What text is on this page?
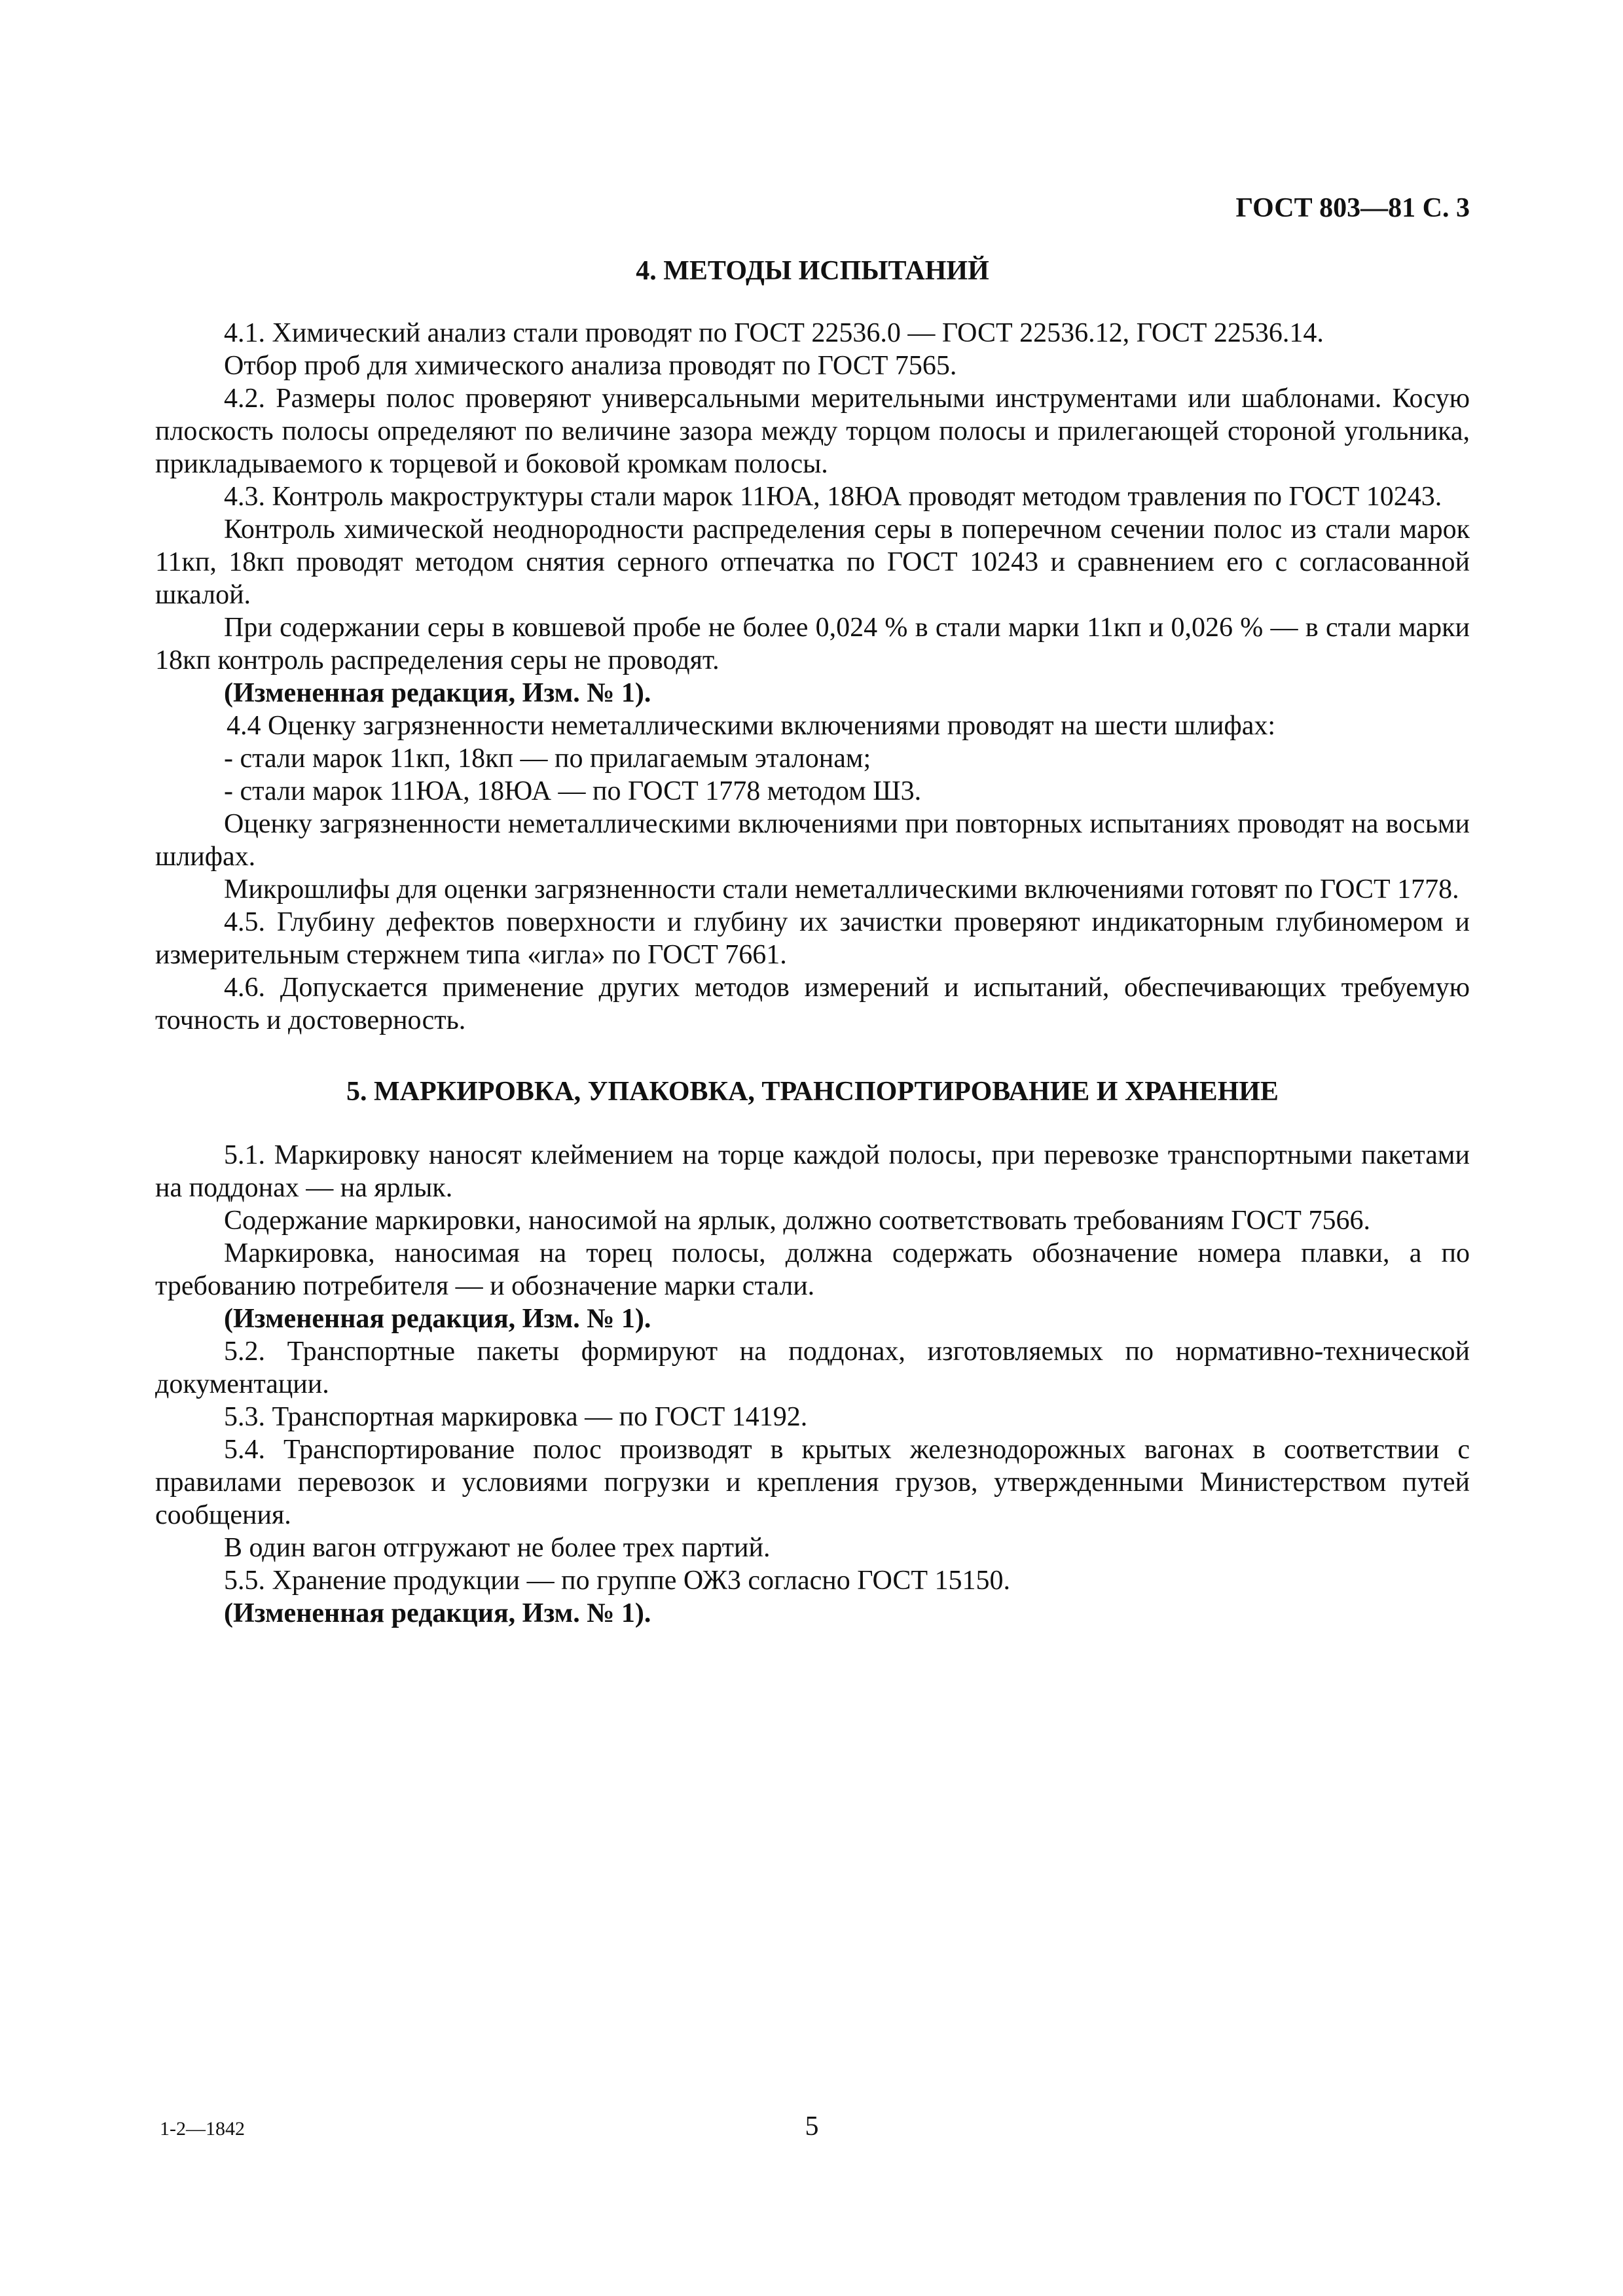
ГОСТ 803—81 С. 3

4. МЕТОДЫ ИСПЫТАНИЙ

4.1. Химический анализ стали проводят по ГОСТ 22536.0 — ГОСТ 22536.12, ГОСТ 22536.14.

Отбор проб для химического анализа проводят по ГОСТ 7565.

4.2. Размеры полос проверяют универсальными мерительными инструментами или шаблонами. Косую плоскость полосы определяют по величине зазора между торцом полосы и прилегающей стороной угольника, прикладываемого к торцевой и боковой кромкам полосы.

4.3. Контроль макроструктуры стали марок 11ЮА, 18ЮА проводят методом травления по ГОСТ 10243.

Контроль химической неоднородности распределения серы в поперечном сечении полос из стали марок 11кп, 18кп проводят методом снятия серного отпечатка по ГОСТ 10243 и сравнением его с согласованной шкалой.

При содержании серы в ковшевой пробе не более 0,024 % в стали марки 11кп и 0,026 % — в стали марки 18кп контроль распределения серы не проводят.

(Измененная редакция, Изм. № 1).

4.4 Оценку загрязненности неметаллическими включениями проводят на шести шлифах:

- стали марок 11кп, 18кп — по прилагаемым эталонам;

- стали марок 11ЮА, 18ЮА — по ГОСТ 1778 методом Ш3.

Оценку загрязненности неметаллическими включениями при повторных испытаниях проводят на восьми шлифах.

Микрошлифы для оценки загрязненности стали неметаллическими включениями готовят по ГОСТ 1778.

4.5. Глубину дефектов поверхности и глубину их зачистки проверяют индикаторным глубиномером и измерительным стержнем типа «игла» по ГОСТ 7661.

4.6. Допускается применение других методов измерений и испытаний, обеспечивающих требуемую точность и достоверность.

5. МАРКИРОВКА, УПАКОВКА, ТРАНСПОРТИРОВАНИЕ И ХРАНЕНИЕ

5.1. Маркировку наносят клеймением на торце каждой полосы, при перевозке транспортными пакетами на поддонах — на ярлык.

Содержание маркировки, наносимой на ярлык, должно соответствовать требованиям ГОСТ 7566.

Маркировка, наносимая на торец полосы, должна содержать обозначение номера плавки, а по требованию потребителя — и обозначение марки стали.

(Измененная редакция, Изм. № 1).

5.2. Транспортные пакеты формируют на поддонах, изготовляемых по нормативно-технической документации.

5.3. Транспортная маркировка — по ГОСТ 14192.

5.4. Транспортирование полос производят в крытых железнодорожных вагонах в соответствии с правилами перевозок и условиями погрузки и крепления грузов, утвержденными Министерством путей сообщения.

В один вагон отгружают не более трех партий.

5.5. Хранение продукции — по группе ОЖ3 согласно ГОСТ 15150.

(Измененная редакция, Изм. № 1).

1-2—1842	5
